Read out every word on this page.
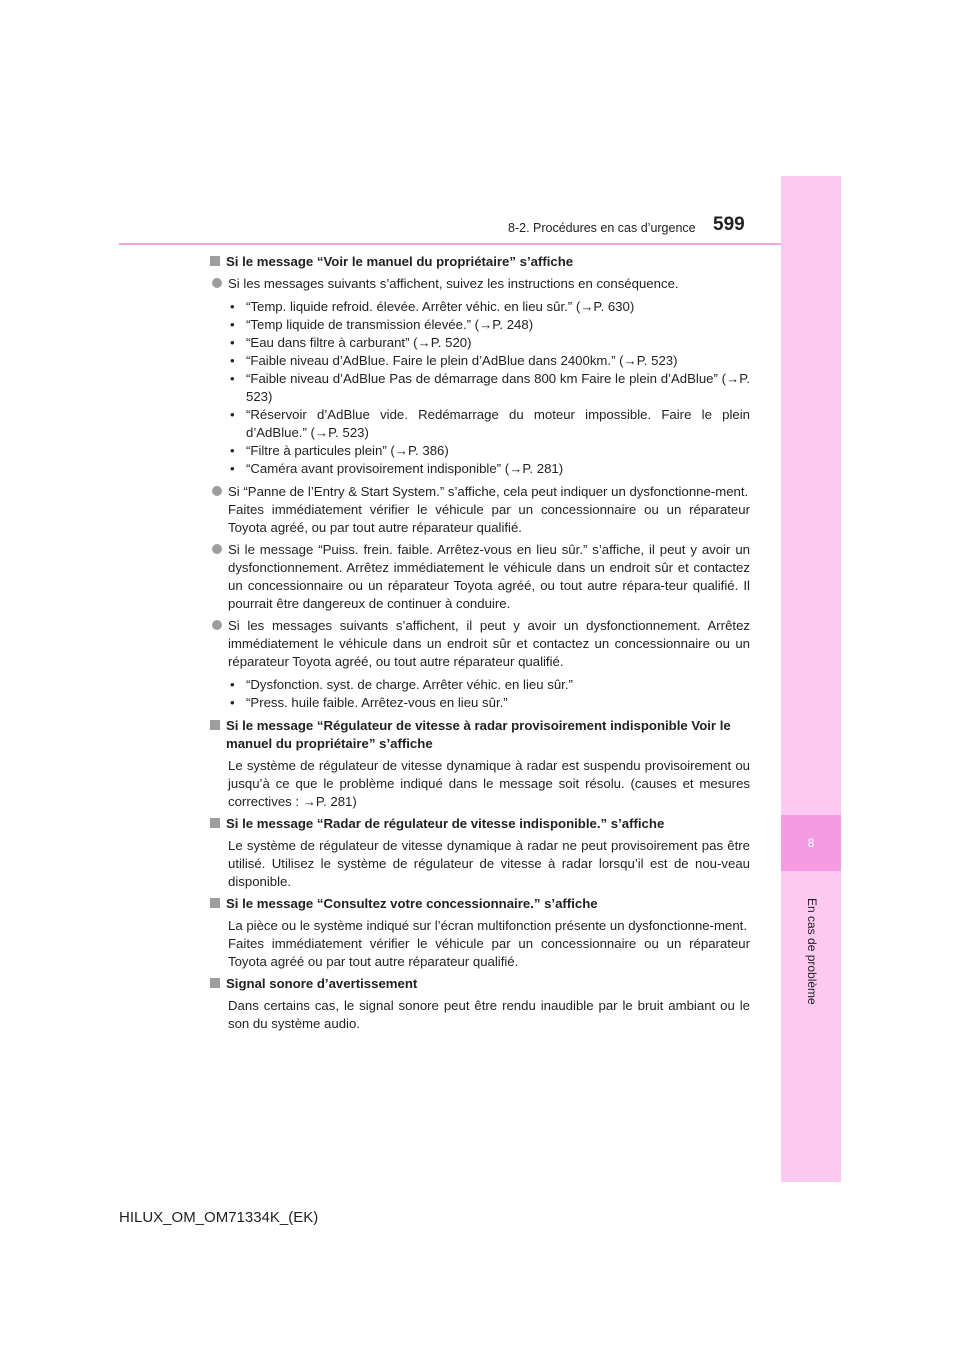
8
En cas de problème
8-2. Procédures en cas d’urgence 599
Si le message “Voir le manuel du propriétaire” s’affiche
Si les messages suivants s’affichent, suivez les instructions en conséquence.
• “Temp. liquide refroid. élevée. Arrêter véhic. en lieu sûr.” (→P. 630)
• “Temp liquide de transmission élevée.” (→P. 248)
• “Eau dans filtre à carburant” (→P. 520)
• “Faible niveau d’AdBlue. Faire le plein d’AdBlue dans 2400km.” (→P. 523)
• “Faible niveau d’AdBlue Pas de démarrage dans 800 km Faire le plein d’AdBlue” (→P. 523)
• “Réservoir d’AdBlue vide. Redémarrage du moteur impossible. Faire le plein d’AdBlue.” (→P. 523)
• “Filtre à particules plein” (→P. 386)
• “Caméra avant provisoirement indisponible” (→P. 281)

Si “Panne de l’Entry & Start System.” s’affiche, cela peut indiquer un dysfonctionne-ment.

Faites immédiatement vérifier le véhicule par un concessionnaire ou un réparateur Toyota agréé, ou par tout autre réparateur qualifié.

Si le message “Puiss. frein. faible. Arrêtez-vous en lieu sûr.” s’affiche, il peut y avoir un dysfonctionnement. Arrêtez immédiatement le véhicule dans un endroit sûr et contactez un concessionnaire ou un réparateur Toyota agréé, ou tout autre répara-teur qualifié. Il pourrait être dangereux de continuer à conduire.
Si les messages suivants s’affichent, il peut y avoir un dysfonctionnement. Arrêtez immédiatement le véhicule dans un endroit sûr et contactez un concessionnaire ou un réparateur Toyota agréé, ou tout autre réparateur qualifié.
• “Dysfonction. syst. de charge. Arrêter véhic. en lieu sûr.”
• “Press. huile faible. Arrêtez-vous en lieu sûr.”
Si le message “Régulateur de vitesse à radar provisoirement indisponible Voir le manuel du propriétaire” s’affiche
Le système de régulateur de vitesse dynamique à radar est suspendu provisoirement ou jusqu’à ce que le problème indiqué dans le message soit résolu. (causes et mesures correctives : →P. 281)
Si le message “Radar de régulateur de vitesse indisponible.” s’affiche
Le système de régulateur de vitesse dynamique à radar ne peut provisoirement pas être utilisé. Utilisez le système de régulateur de vitesse à radar lorsqu’il est de nou-veau disponible.
Si le message “Consultez votre concessionnaire.” s’affiche

La pièce ou le système indiqué sur l’écran multifonction présente un dysfonctionne-ment.

Faites immédiatement vérifier le véhicule par un concessionnaire ou un réparateur Toyota agréé ou par tout autre réparateur qualifié.

Signal sonore d’avertissement
Dans certains cas, le signal sonore peut être rendu inaudible par le bruit ambiant ou le son du système audio.
HILUX_OM_OM71334K_(EK)
